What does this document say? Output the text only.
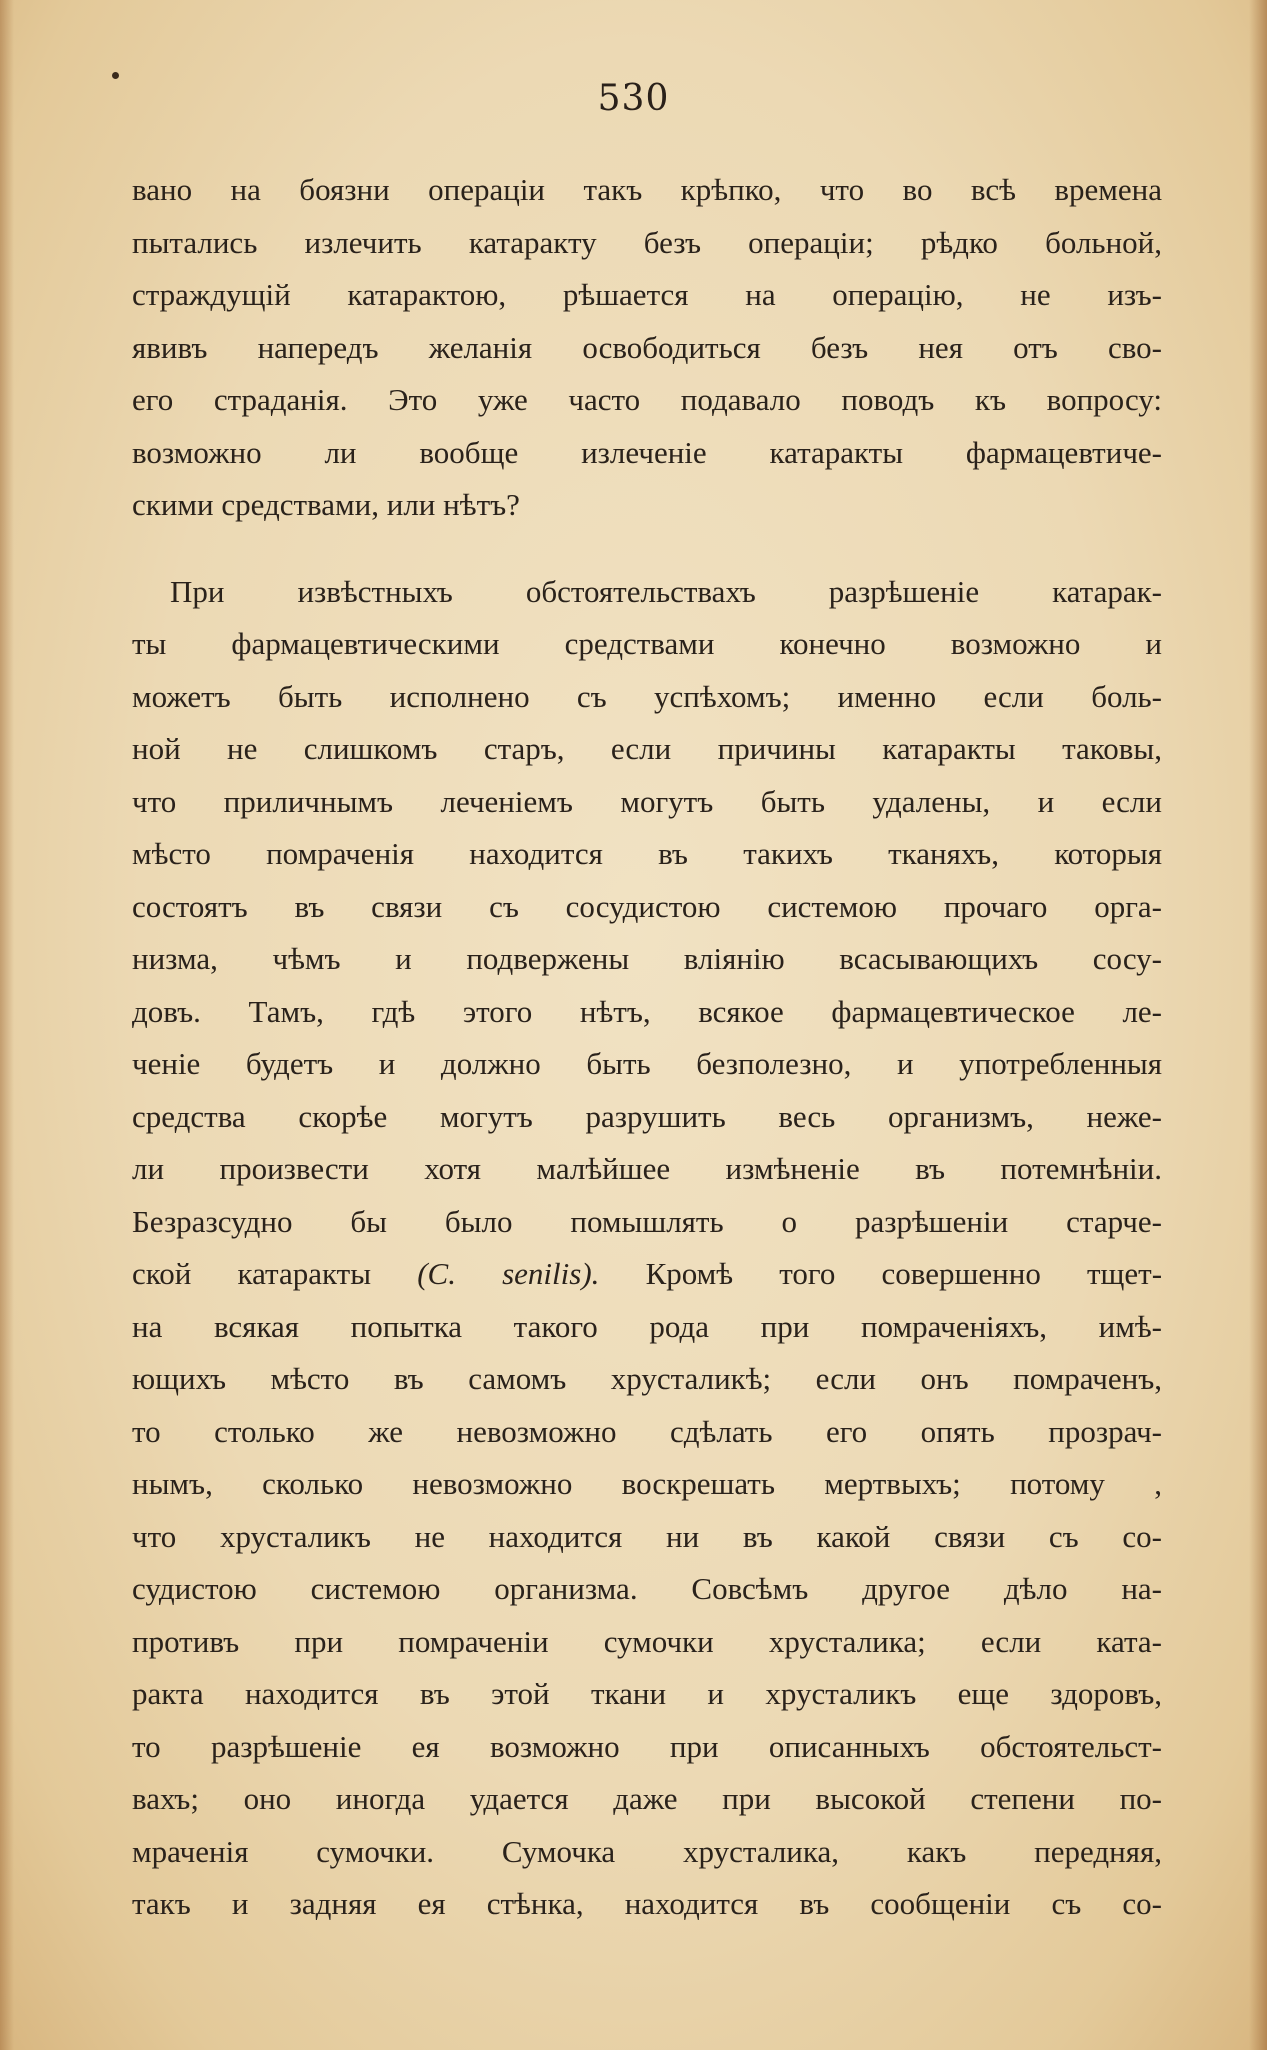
530
вано на боязни операціи такъ крѣпко, что во всѣ времена
пытались излечить катаракту безъ операціи; рѣдко больной,
страждущій катарактою, рѣшается на операцію, не изъ-
явивъ напередъ желанія освободиться безъ нея отъ сво-
его страданія. Это уже часто подавало поводъ къ вопросу:
возможно ли вообще излеченіе катаракты фармацевтиче-
скими средствами, или нѣтъ?
При извѣстныхъ обстоятельствахъ разрѣшеніе катарак-
ты фармацевтическими средствами конечно возможно и
можетъ быть исполнено съ успѣхомъ; именно если боль-
ной не слишкомъ старъ, если причины катаракты таковы,
что приличнымъ леченіемъ могутъ быть удалены, и если
мѣсто помраченія находится въ такихъ тканяхъ, которыя
состоятъ въ связи съ сосудистою системою прочаго орга-
низма, чѣмъ и подвержены вліянію всасывающихъ сосу-
довъ. Тамъ, гдѣ этого нѣтъ, всякое фармацевтическое ле-
ченіе будетъ и должно быть безполезно, и употребленныя
средства скорѣе могутъ разрушить весь организмъ, неже-
ли произвести хотя малѣйшее измѣненіе въ потемнѣніи.
Безразсудно бы было помышлять о разрѣшеніи старче-
ской катаракты (C. senilis). Кромѣ того совершенно тщет-
на всякая попытка такого рода при помраченіяхъ, имѣ-
ющихъ мѣсто въ самомъ хрусталикѣ; если онъ помраченъ,
то столько же невозможно сдѣлать его опять прозрач-
нымъ, сколько невозможно воскрешать мертвыхъ; потому ,
что хрусталикъ не находится ни въ какой связи съ со-
судистою системою организма. Совсѣмъ другое дѣло на-
противъ при помраченіи сумочки хрусталика; если ката-
ракта находится въ этой ткани и хрусталикъ еще здоровъ,
то разрѣшеніе ея возможно при описанныхъ обстоятельст-
вахъ; оно иногда удается даже при высокой степени по-
мраченія сумочки. Сумочка хрусталика, какъ передняя,
такъ и задняя ея стѣнка, находится въ сообщеніи съ со-
